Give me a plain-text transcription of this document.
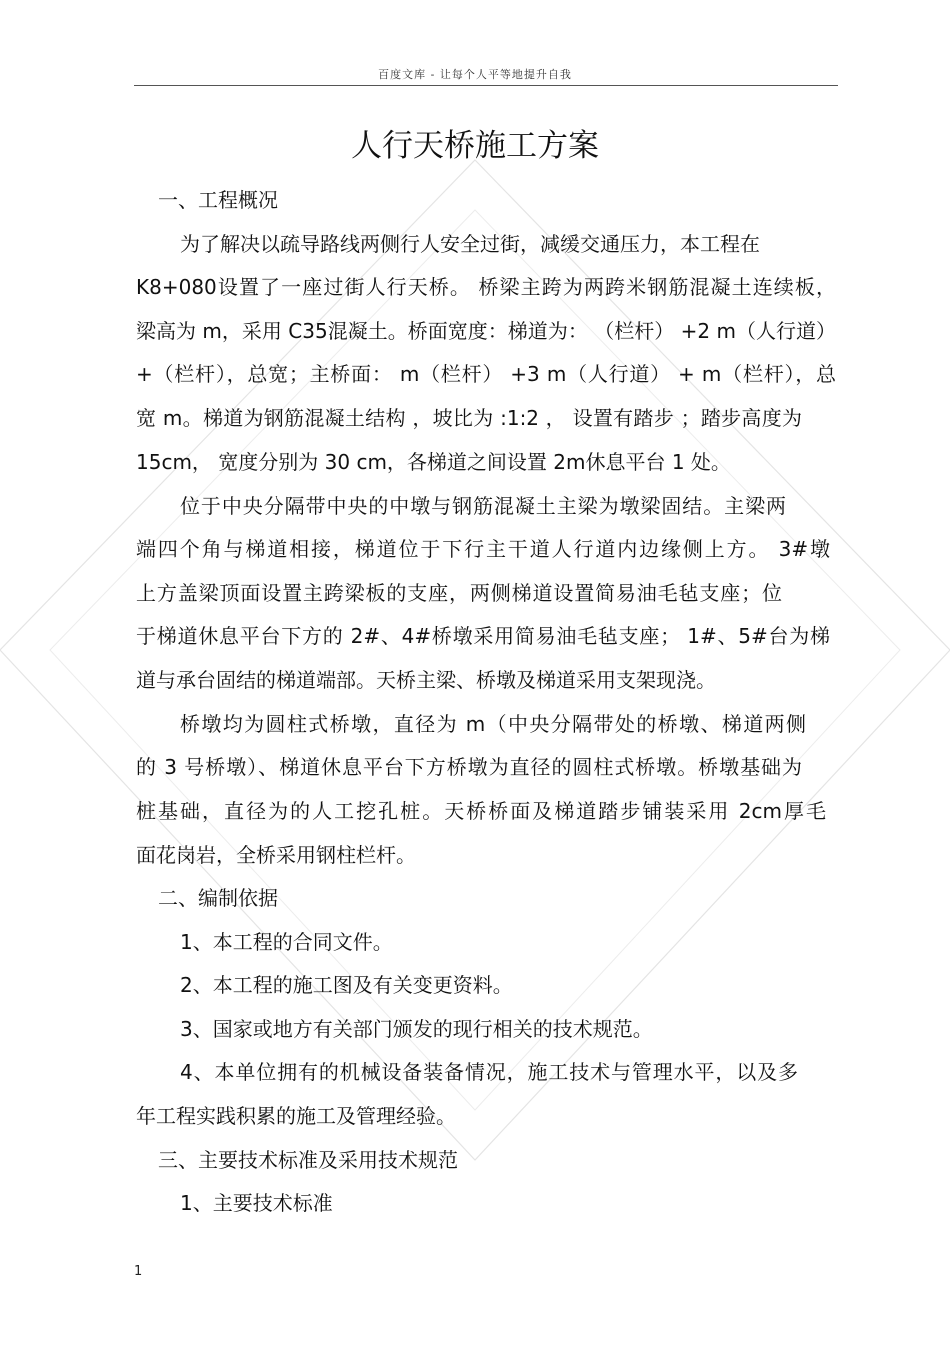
百度文库 - 让每个人平等地提升自我
人行天桥施工方案
一、工程概况
为了解决以疏导路线两侧行人安全过街，减缓交通压力，本工程在
K8+080设置了一座过街人行天桥。 桥梁主跨为两跨米钢筋混凝土连续板，
梁高为 m，采用 C35混凝土。桥面宽度：梯道为： （栏杆） +2 m（人行道）
+（栏杆），总宽；主桥面： m（栏杆） +3 m（人行道） + m（栏杆），总
宽 m。梯道为钢筋混凝土结构 ，坡比为 :1:2 ， 设置有踏步 ；踏步高度为
15cm， 宽度分别为 30 cm，各梯道之间设置 2m休息平台 1 处。
位于中央分隔带中央的中墩与钢筋混凝土主梁为墩梁固结。主梁两
端四个角与梯道相接，梯道位于下行主干道人行道内边缘侧上方。 3#墩
上方盖梁顶面设置主跨梁板的支座，两侧梯道设置简易油毛毡支座；位
于梯道休息平台下方的 2#、4#桥墩采用简易油毛毡支座； 1#、5#台为梯
道与承台固结的梯道端部。天桥主梁、桥墩及梯道采用支架现浇。
桥墩均为圆柱式桥墩，直径为 m（中央分隔带处的桥墩、梯道两侧
的 3 号桥墩）、梯道休息平台下方桥墩为直径的圆柱式桥墩。桥墩基础为
桩基础，直径为的人工挖孔桩。天桥桥面及梯道踏步铺装采用 2cm厚毛
面花岗岩，全桥采用钢柱栏杆。
二、编制依据
1、本工程的合同文件。
2、本工程的施工图及有关变更资料。
3、国家或地方有关部门颁发的现行相关的技术规范。
4、本单位拥有的机械设备装备情况，施工技术与管理水平，以及多
年工程实践积累的施工及管理经验。
三、主要技术标准及采用技术规范
1、主要技术标准
1
